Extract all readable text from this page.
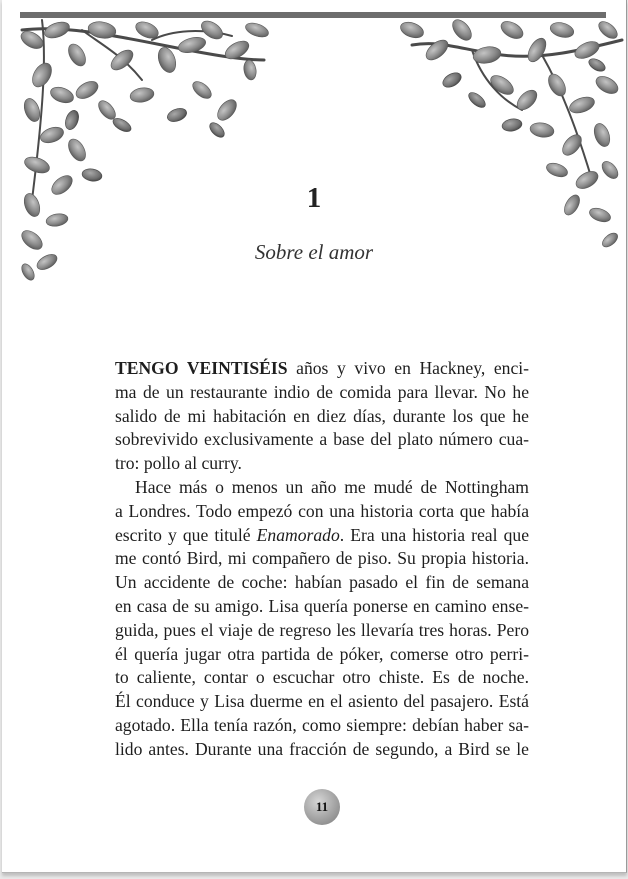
1
Sobre el amor
TENGO VEINTISÉIS años y vivo en Hackney, enci-
ma de un restaurante indio de comida para llevar. No he
salido de mi habitación en diez días, durante los que he
sobrevivido exclusivamente a base del plato número cua-
tro: pollo al curry.
Hace más o menos un año me mudé de Nottingham
a Londres. Todo empezó con una historia corta que había
escrito y que titulé Enamorado. Era una historia real que
me contó Bird, mi compañero de piso. Su propia historia.
Un accidente de coche: habían pasado el fin de semana
en casa de su amigo. Lisa quería ponerse en camino ense-
guida, pues el viaje de regreso les llevaría tres horas. Pero
él quería jugar otra partida de póker, comerse otro perri-
to caliente, contar o escuchar otro chiste. Es de noche.
Él conduce y Lisa duerme en el asiento del pasajero. Está
agotado. Ella tenía razón, como siempre: debían haber sa-
lido antes. Durante una fracción de segundo, a Bird se le
11
